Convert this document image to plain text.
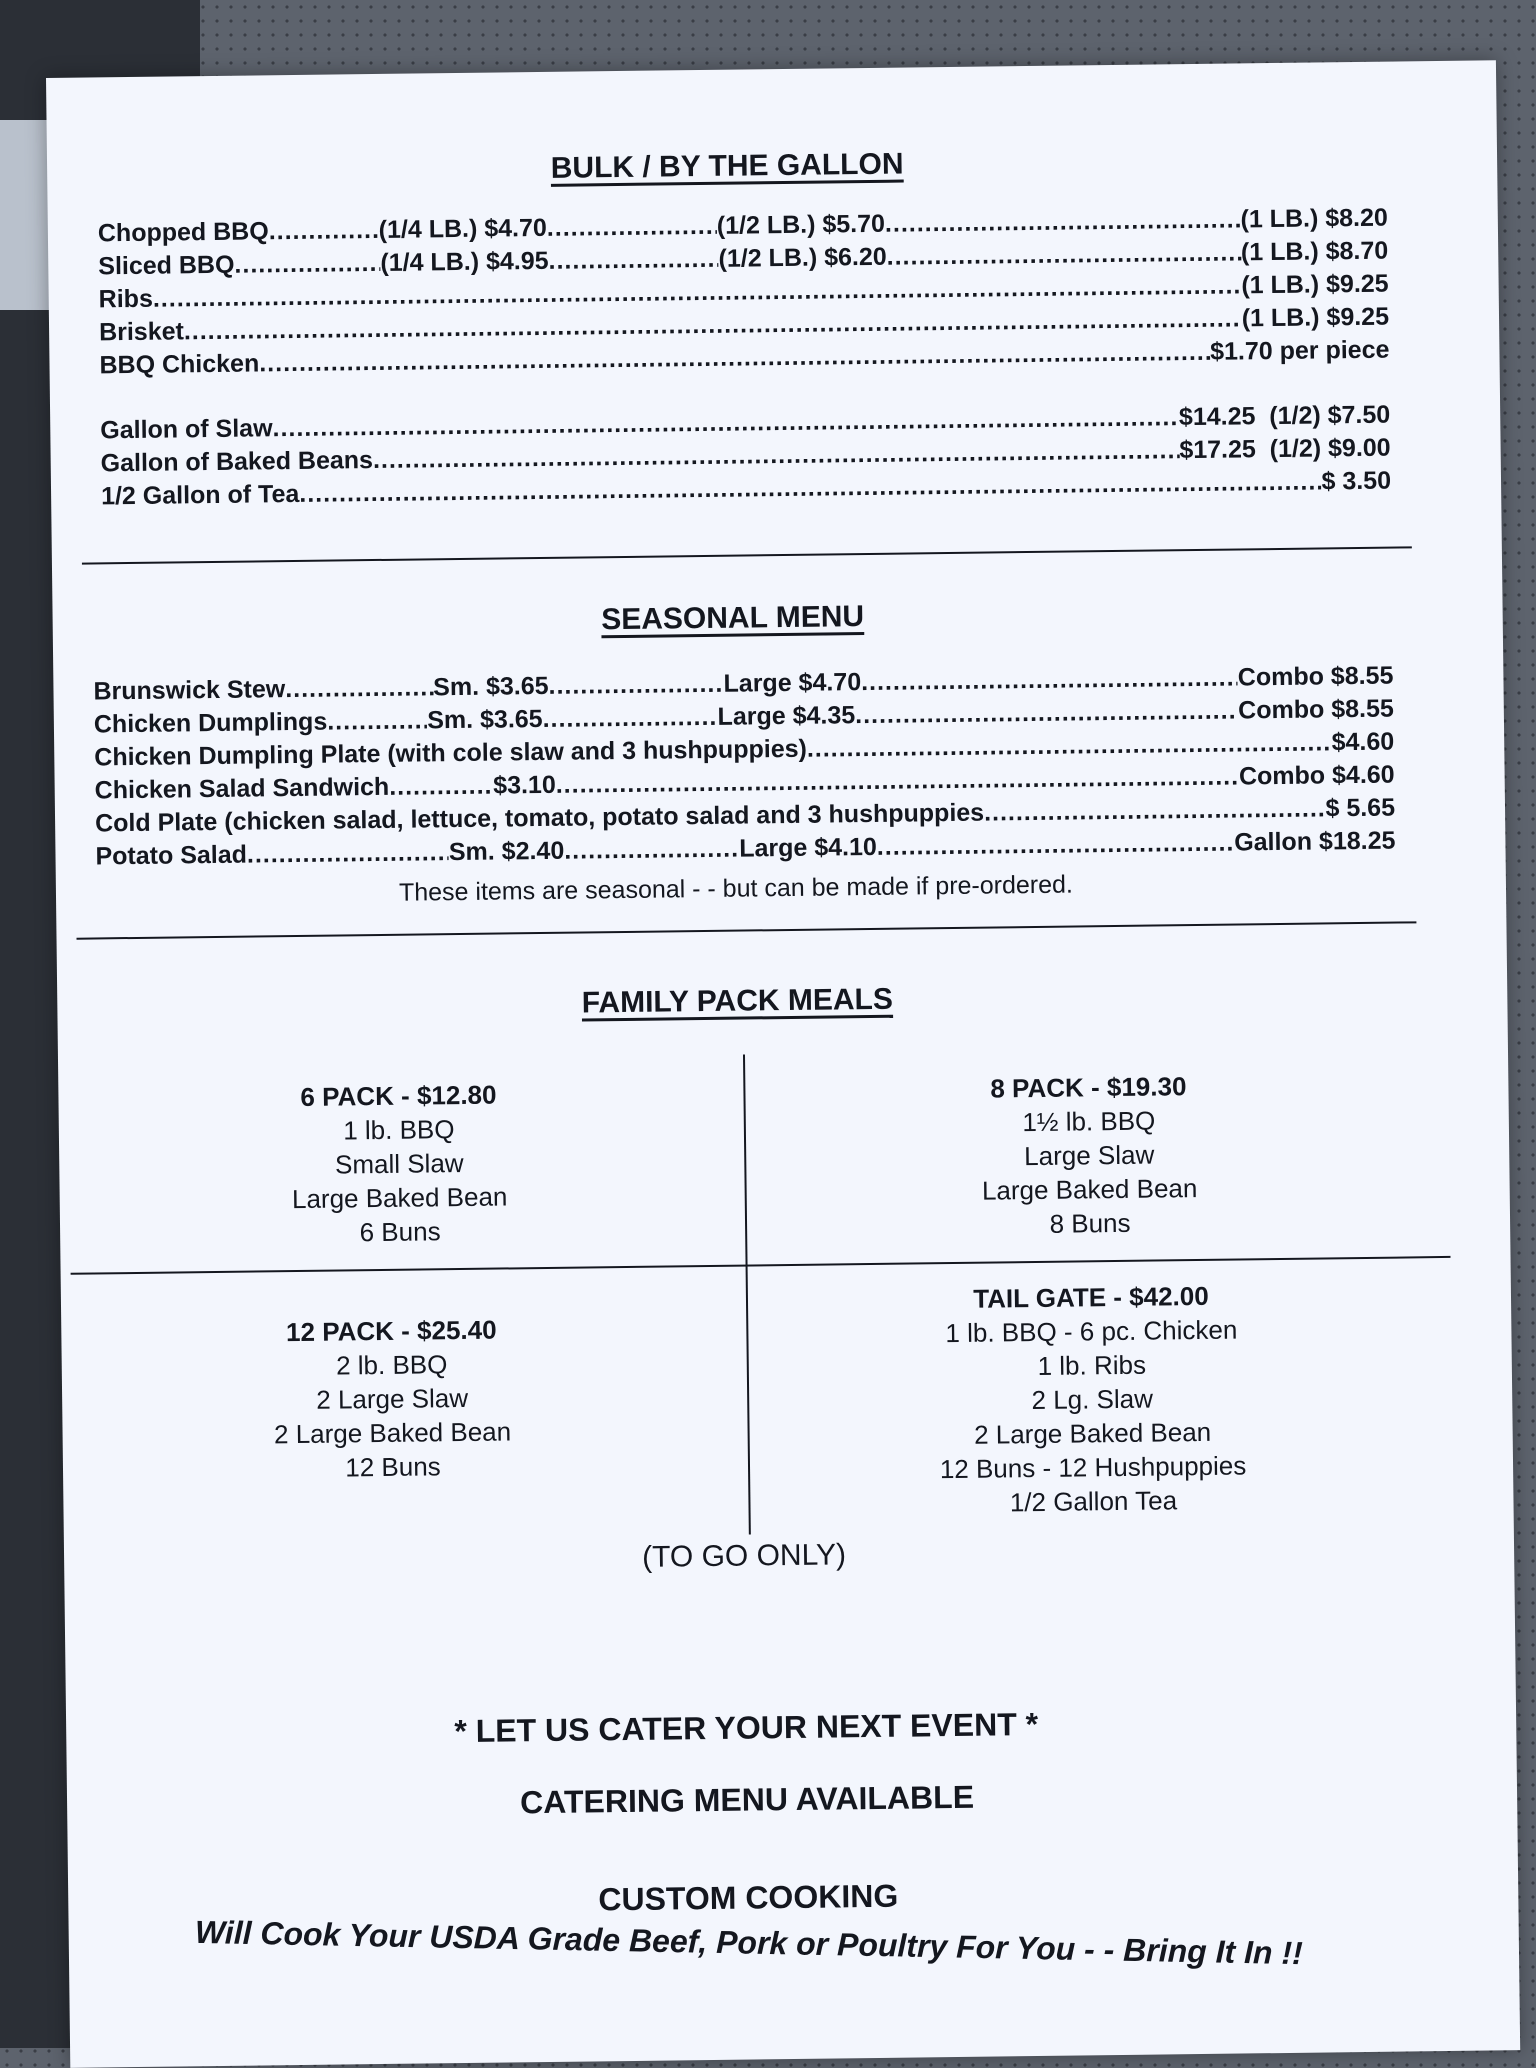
BULK / BY THE GALLON
Chopped BBQ .....	(1/4 LB.) $4.70 .....	(1/2 LB.) $5.70 .....	(1 LB.) $8.20
Sliced BBQ .....	(1/4 LB.) $4.95 .....	(1/2 LB.) $6.20 .....	(1 LB.) $8.70
Ribs .....	(1 LB.) $9.25
Brisket .....	(1 LB.) $9.25
BBQ Chicken .....	$1.70 per piece
Gallon of Slaw .....	$14.25  (1/2) $7.50
Gallon of Baked Beans .....	$17.25  (1/2) $9.00
1/2 Gallon of Tea .....	$ 3.50
SEASONAL MENU
Brunswick Stew .....	Sm. $3.65 .....	Large $4.70 .....	Combo $8.55
Chicken Dumplings .....	Sm. $3.65 .....	Large $4.35 .....	Combo $8.55
Chicken Dumpling Plate (with cole slaw and 3 hushpuppies) .....	$4.60
Chicken Salad Sandwich .....	$3.10 .....	Combo $4.60
Cold Plate (chicken salad, lettuce, tomato, potato salad and 3 hushpuppies .....	$ 5.65
Potato Salad .....	Sm. $2.40 .....	Large $4.10 .....	Gallon $18.25
These items are seasonal - - but can be made if pre-ordered.
FAMILY PACK MEALS
6 PACK - $12.80
1 lb. BBQ
Small Slaw
Large Baked Bean
6 Buns
8 PACK - $19.30
1½ lb. BBQ
Large Slaw
Large Baked Bean
8 Buns
12 PACK - $25.40
2 lb. BBQ
2 Large Slaw
2 Large Baked Bean
12 Buns
TAIL GATE - $42.00
1 lb. BBQ - 6 pc. Chicken
1 lb. Ribs
2 Lg. Slaw
2 Large Baked Bean
12 Buns - 12 Hushpuppies
1/2 Gallon Tea
(TO GO ONLY)
* LET US CATER YOUR NEXT EVENT *
CATERING MENU AVAILABLE
CUSTOM COOKING
Will Cook Your USDA Grade Beef, Pork or Poultry For You - - Bring It In !!
